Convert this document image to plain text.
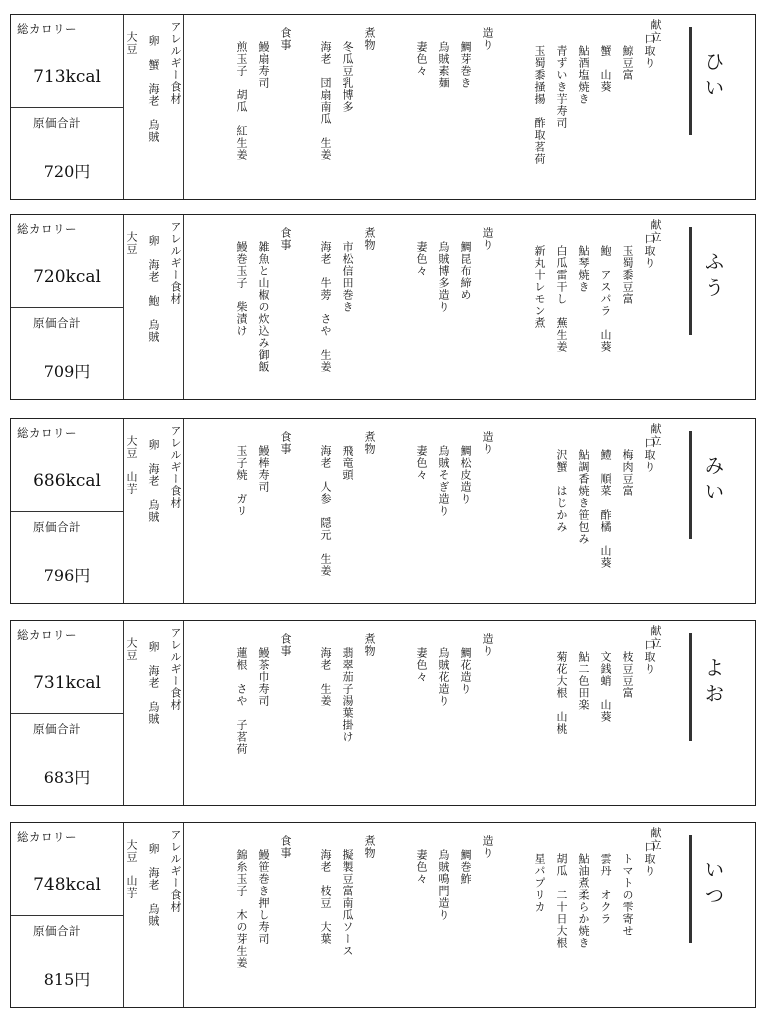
総カロリー
713kcal
原価合計
720円
アレルギー食材
卵　蟹　海老　烏賊
大豆	献立
口取り
鯨豆富
蟹　山葵
鮎酒塩焼き
青ずいき芋寿司
玉蜀黍掻揚　酢取茗荷
造り
鯛芽巻き
烏賊素麺
妻色々
煮物
冬瓜豆乳博多
海老　団扇南瓜　生姜
食事
鰻扇寿司
煎玉子　胡瓜　紅生姜	ひい
総カロリー
720kcal
原価合計
709円
アレルギー食材
卵　海老　鮑　烏賊
大豆	献立
口取り
玉蜀黍豆富
鮑　アスパラ　山葵
鮎琴焼き
白瓜雷干し　蕪生姜
新丸十レモン煮
造り
鯛昆布締め
烏賊博多造り
妻色々
煮物
市松信田巻き
海老　牛蒡　さや　生姜
食事
雑魚と山椒の炊込み御飯
鰻巻玉子　柴漬け	ふう
総カロリー
686kcal
原価合計
796円
アレルギー食材
卵　海老　烏賊
大豆　山芋	献立
口取り
梅肉豆富
鱧　順菜　酢橘　山葵
鮎調香焼き笹包み
沢蟹　はじかみ
造り
鯛松皮造り
烏賊そぎ造り
妻色々
煮物
飛竜頭
海老　人参　隠元　生姜
食事
鰻棒寿司
玉子焼　ガリ	みい
総カロリー
731kcal
原価合計
683円
アレルギー食材
卵　海老　烏賊
大豆	献立
口取り
枝豆豆富
文銭蛸　山葵
鮎二色田楽
菊花大根　山桃
造り
鯛花造り
烏賊花造り
妻色々
煮物
翡翠茄子湯葉掛け
海老　生姜
食事
鰻茶巾寿司
蓮根　さや　子茗荷	よお
総カロリー
748kcal
原価合計
815円
アレルギー食材
卵　海老　烏賊
大豆　山芋	献立
口取り
トマトの雫寄せ
雲丹　オクラ
鮎油煮柔らか焼き
胡瓜　二十日大根
星パプリカ
造り
鯛巻鮓
烏賊鳴門造り
妻色々
煮物
擬製豆富南瓜ソース
海老　枝豆　大葉
食事
鰻笹巻き押し寿司
錦糸玉子　木の芽生姜	いつ
